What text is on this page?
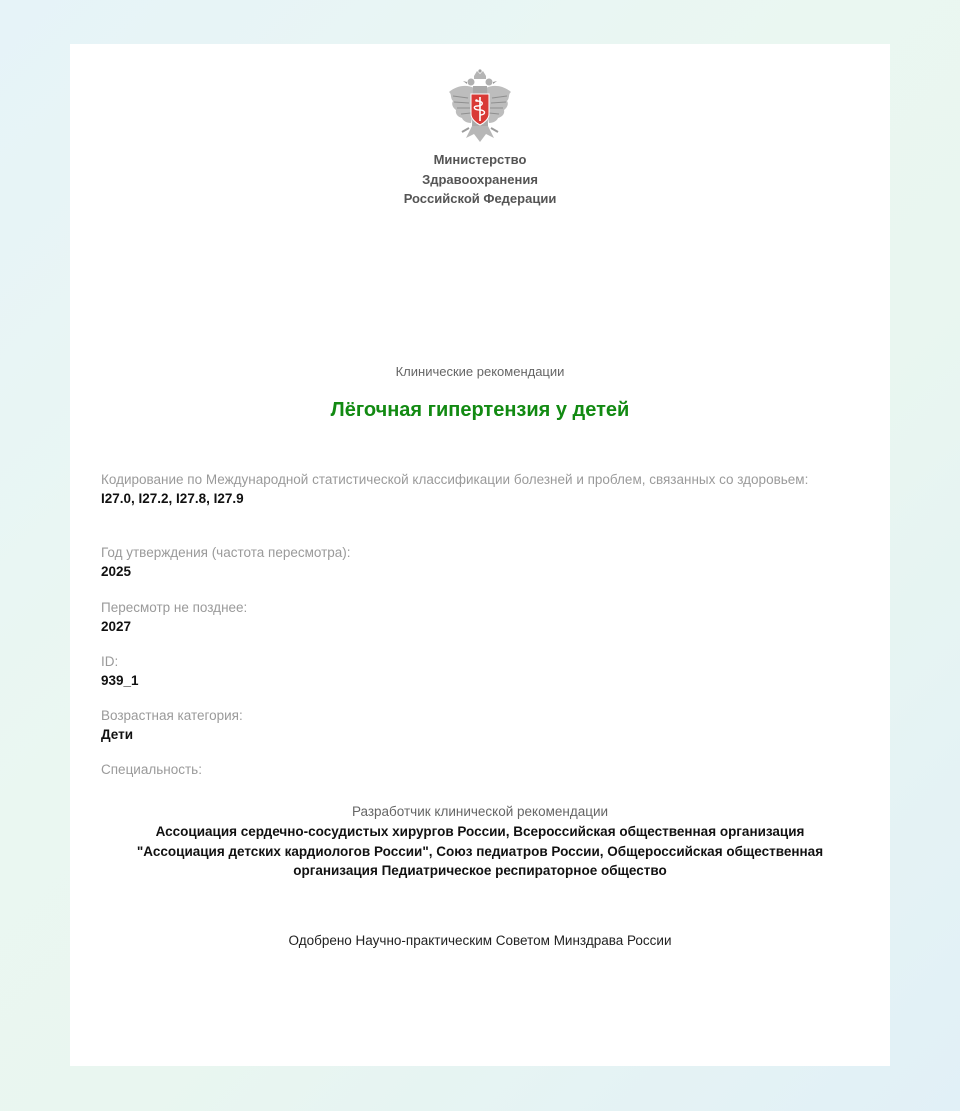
Министерство
Здравоохранения
Российской Федерации
Клинические рекомендации
Лёгочная гипертензия у детей
Кодирование по Международной статистической классификации болезней и проблем, связанных со здоровьем:
I27.0, I27.2, I27.8, I27.9
Год утверждения (частота пересмотра):
2025
Пересмотр не позднее:
2027
ID:
939_1
Возрастная категория:
Дети
Специальность:
Разработчик клинической рекомендации
Ассоциация сердечно-сосудистых хирургов России, Всероссийская общественная организация "Ассоциация детских кардиологов России", Союз педиатров России, Общероссийская общественная организация Педиатрическое респираторное общество
Одобрено Научно-практическим Советом Минздрава России
